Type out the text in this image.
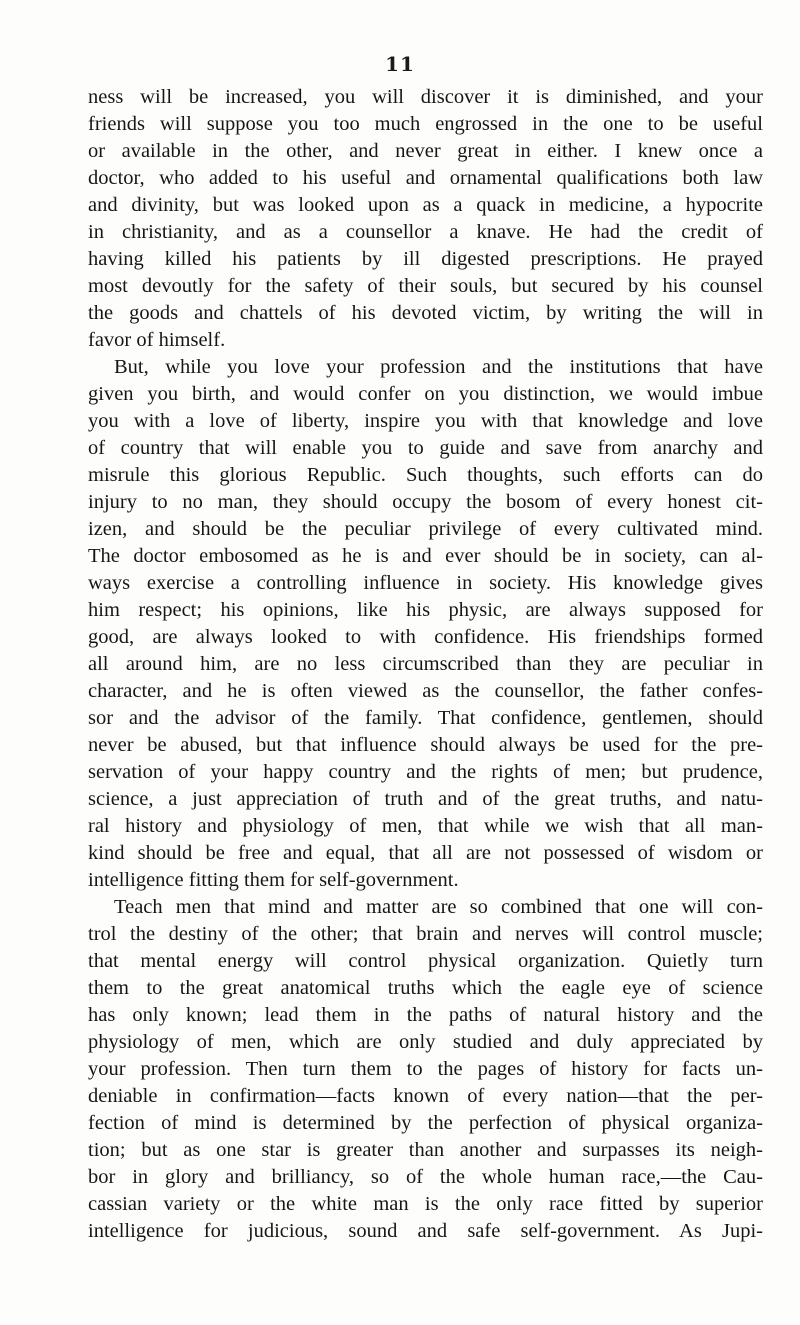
11
ness will be increased, you will discover it is diminished, and your
friends will suppose you too much engrossed in the one to be useful
or available in the other, and never great in either. I knew once a
doctor, who added to his useful and ornamental qualifications both law
and divinity, but was looked upon as a quack in medicine, a hypocrite
in christianity, and as a counsellor a knave. He had the credit of
having killed his patients by ill digested prescriptions. He prayed
most devoutly for the safety of their souls, but secured by his counsel
the goods and chattels of his devoted victim, by writing the will in
favor of himself.
But, while you love your profession and the institutions that have
given you birth, and would confer on you distinction, we would imbue
you with a love of liberty, inspire you with that knowledge and love
of country that will enable you to guide and save from anarchy and
misrule this glorious Republic. Such thoughts, such efforts can do
injury to no man, they should occupy the bosom of every honest cit-
izen, and should be the peculiar privilege of every cultivated mind.
The doctor embosomed as he is and ever should be in society, can al-
ways exercise a controlling influence in society. His knowledge gives
him respect; his opinions, like his physic, are always supposed for
good, are always looked to with confidence. His friendships formed
all around him, are no less circumscribed than they are peculiar in
character, and he is often viewed as the counsellor, the father confes-
sor and the advisor of the family. That confidence, gentlemen, should
never be abused, but that influence should always be used for the pre-
servation of your happy country and the rights of men; but prudence,
science, a just appreciation of truth and of the great truths, and natu-
ral history and physiology of men, that while we wish that all man-
kind should be free and equal, that all are not possessed of wisdom or
intelligence fitting them for self-government.
Teach men that mind and matter are so combined that one will con-
trol the destiny of the other; that brain and nerves will control muscle;
that mental energy will control physical organization. Quietly turn
them to the great anatomical truths which the eagle eye of science
has only known; lead them in the paths of natural history and the
physiology of men, which are only studied and duly appreciated by
your profession. Then turn them to the pages of history for facts un-
deniable in confirmation—facts known of every nation—that the per-
fection of mind is determined by the perfection of physical organiza-
tion; but as one star is greater than another and surpasses its neigh-
bor in glory and brilliancy, so of the whole human race,—the Cau-
cassian variety or the white man is the only race fitted by superior
intelligence for judicious, sound and safe self-government. As Jupi-
